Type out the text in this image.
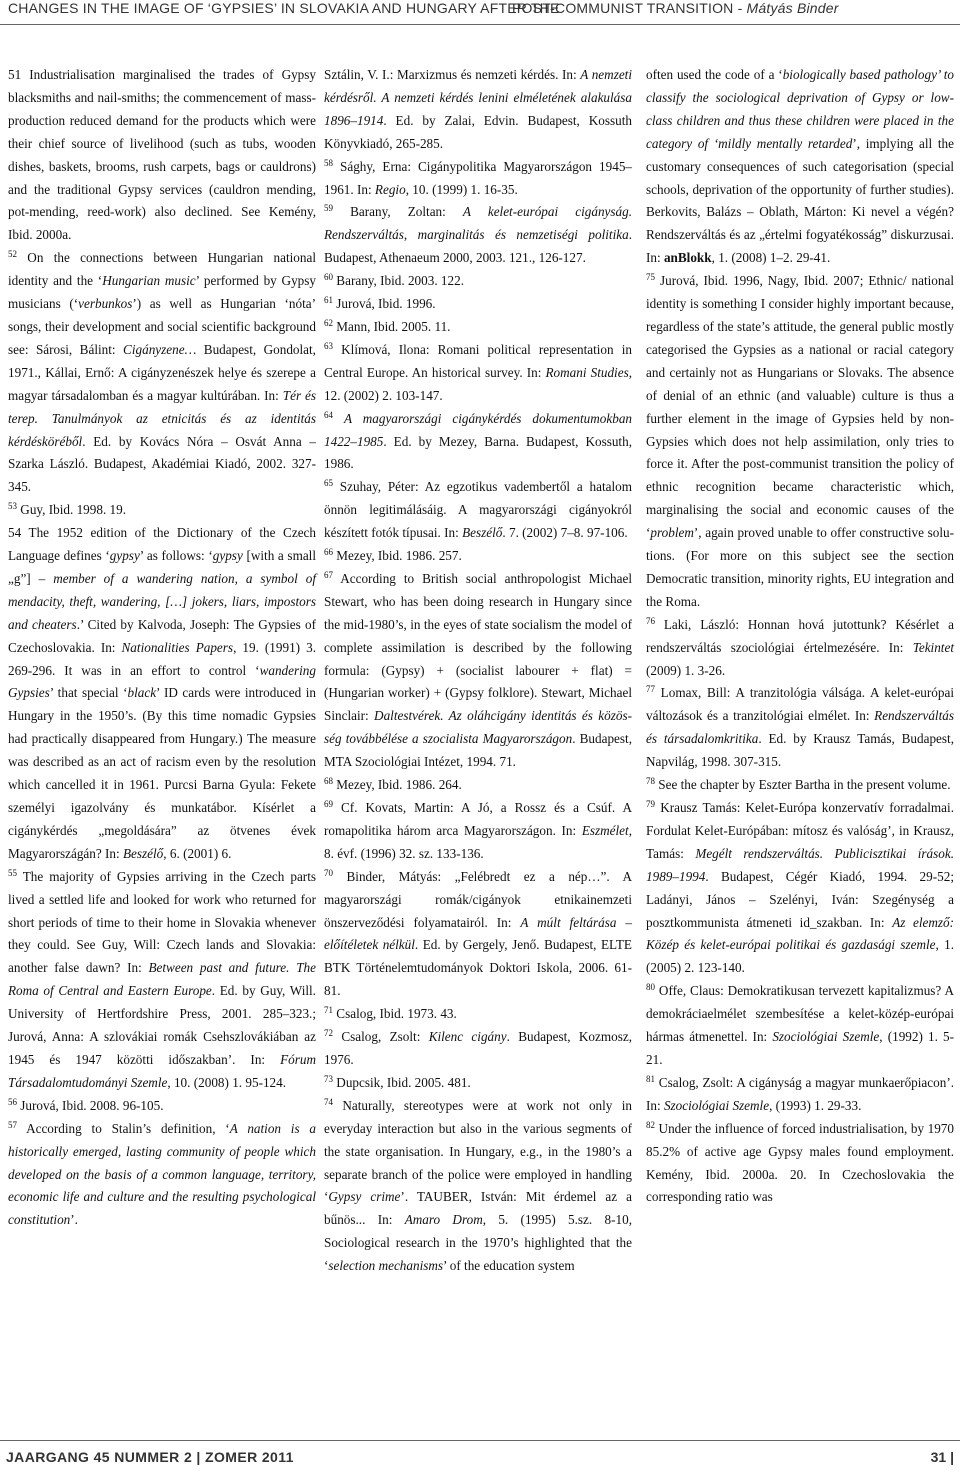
CHANGES IN THE IMAGE OF ‘GYPSIES’ IN SLOVAKIA AND HUNGARY AFTER THE
POST-COMMUNIST TRANSITION - Mátyás Binder

51 Industrialisation marginalised the trades of Gypsy blacksmiths and nail-smiths; the commencement of mass-production reduced demand for the products which were their chief source of livelihood (such as tubs, wooden dishes, baskets, brooms, rush carpets, bags or cauldrons) and the traditional Gypsy services (cauldron mending, pot-mending, reed-work) also declined. See Kemény, Ibid. 2000a.

$^{52}$ On the connections between Hungarian national identity and the ‘Hungarian music’ performed by Gypsy musicians (‘verbunkos’) as well as Hungarian ‘nóta’ songs, their development and social scientific background see: Sárosi, Bálint: Cigányzene… Budapest, Gondolat, 1971., Kállai, Ernő: A cigányzenészek helye és szerepe a magyar társadalomban és a magyar kultúrában. In: Tér és terep. Tanulmányok az etnicitás és az identitás kérdésköréből. Ed. by Kovács Nóra – Osvát Anna – Szarka László. Budapest, Akadémiai Kiadó, 2002. 327-345.

$^{53}$ Guy, Ibid. 1998. 19.

54 The 1952 edition of the Dictionary of the Czech Language defines ‘gypsy’ as follows: ‘gypsy [with a small „g”] – member of a wandering nation, a symbol of mendacity, theft, wandering, […] jokers, liars, impostors and cheaters.’ Cited by Kalvoda, Joseph: The Gypsies of Czechoslovakia. In: Nationalities Papers, 19. (1991) 3. 269-296. It was in an effort to control ‘wandering Gypsies’ that special ‘black’ ID cards were introduced in Hungary in the 1950’s. (By this time nomadic Gypsies had practically disappeared from Hungary.) The measure was described as an act of racism even by the resolution which cancelled it in 1961. Purcsi Barna Gyula: Fekete személyi igazolvány és munkatábor. Kísérlet a cigánykérdés „megoldására” az ötvenes évek Magyarországán? In: Beszélő, 6. (2001) 6.

$^{55}$ The majority of Gypsies arriving in the Czech parts lived a settled life and looked for work who returned for short periods of time to their home in Slovakia whenever they could. See Guy, Will: Czech lands and Slovakia: another false dawn? In: Between past and future. The Roma of Central and Eastern Europe. Ed. by Guy, Will. University of Hertfordshire Press, 2001. 285–323.; Jurová, Anna: A szlovákiai romák Csehszlovákiában az 1945 és 1947 közötti időszakban’. In: Fórum Társadalomtudományi Szemle, 10. (2008) 1. 95-124.

$^{56}$ Jurová, Ibid. 2008. 96-105.

$^{57}$ According to Stalin’s definition, ‘A nation is a historically emerged, lasting community of people which developed on the basis of a common language, territory, economic life and culture and the resulting psychological constitution’.

Sztálin, V. I.: Marxizmus és nemzeti kérdés. In: A nemzeti kérdésről. A nemzeti kérdés lenini elméletének alakulása 1896–1914. Ed. by Zalai, Edvin. Budapest, Kossuth Könyvkiadó, 265-285.

$^{58}$ Sághy, Erna: Cigánypolitika Magyarországon 1945–1961. In: Regio, 10. (1999) 1. 16-35.

$^{59}$ Barany, Zoltan: A kelet-európai cigányság. Rendszerváltás, marginalitás és nemzetiségi politika. Budapest, Athenaeum 2000, 2003. 121., 126-127.

$^{60}$ Barany, Ibid. 2003. 122.

$^{61}$ Jurová, Ibid. 1996.

$^{62}$ Mann, Ibid. 2005. 11.

$^{63}$ Klímová, Ilona: Romani political representation in Central Europe. An historical survey. In: Romani Studies, 12. (2002) 2. 103-147.

$^{64}$ A magyarországi cigánykérdés dokumentumokban 1422–1985. Ed. by Mezey, Barna. Budapest, Kossuth, 1986.

$^{65}$ Szuhay, Péter: Az egzotikus vadembertől a hatalom önnön legitimálásáig. A magyarországi cigányokról készített fotók típusai. In: Beszélő. 7. (2002) 7–8. 97-106.

$^{66}$ Mezey, Ibid. 1986. 257.

$^{67}$ According to British social anthropologist Michael Stewart, who has been doing research in Hungary since the mid-1980’s, in the eyes of state socialism the model of complete assimilation is described by the following formula: (Gypsy) + (socialist labourer + flat) = (Hungarian worker) + (Gypsy folklore). Stewart, Michael Sinclair: Daltestvérek. Az oláhcigány identitás és közösség továbbélése a szocialista Magyarországon. Budapest, MTA Szociológiai Intézet, 1994. 71.

$^{68}$ Mezey, Ibid. 1986. 264.

$^{69}$ Cf. Kovats, Martin: A Jó, a Rossz és a Csúf. A romapolitika három arca Magyarországon. In: Eszmélet, 8. évf. (1996) 32. sz. 133-136.

$^{70}$ Binder, Mátyás: „Felébredt ez a nép…”. A magyarországi romák/cigányok etnikainemzeti önszerveződési folyamatairól. In: A múlt feltárása – előítéletek nélkül. Ed. by Gergely, Jenő. Budapest, ELTE BTK Történelemtudományok Doktori Iskola, 2006. 61-81.

$^{71}$ Csalog, Ibid. 1973. 43.

$^{72}$ Csalog, Zsolt: Kilenc cigány. Budapest, Kozmosz, 1976.

$^{73}$ Dupcsik, Ibid. 2005. 481.

$^{74}$ Naturally, stereotypes were at work not only in everyday interaction but also in the various segments of the state organisation. In Hungary, e.g., in the 1980’s a separate branch of the police were employed in handling ‘Gypsy crime’. TAUBER, István: Mit érdemel az a bűnös... In: Amaro Drom, 5. (1995) 5.sz. 8-10, Sociological research in the 1970’s highlighted that the ‘selection mechanisms’ of the education system

often used the code of a ‘biologically based pathology’ to classify the sociological deprivation of Gypsy or low-class children and thus these children were placed in the category of ‘mildly mentally retarded’, implying all the customary consequences of such categorisation (special schools, deprivation of the opportunity of further studies). Berkovits, Balázs – Oblath, Márton: Ki nevel a végén? Rendszerváltás és az „értelmi fogyatékosság” diskurzusai. In: anBlokk, 1. (2008) 1–2. 29-41.

$^{75}$ Jurová, Ibid. 1996, Nagy, Ibid. 2007; Ethnic/ national identity is something I consider highly important because, regardless of the state’s attitude, the general public mostly categorised the Gypsies as a national or racial category and certainly not as Hungarians or Slovaks. The absence of denial of an ethnic (and valuable) culture is thus a further element in the image of Gypsies held by non-Gypsies which does not help assimilation, only tries to force it. After the post-communist transition the policy of ethnic recognition became characteristic which, marginalising the social and economic causes of the ‘problem’, again proved unable to offer constructive solutions. (For more on this subject see the section Democratic transition, minority rights, EU integration and the Roma.

$^{76}$ Laki, László: Honnan hová jutottunk? Késérlet a rendszerváltás szociológiai értelmezésére. In: Tekintet (2009) 1. 3-26.

$^{77}$ Lomax, Bill: A tranzitológia válsága. A kelet-európai változások és a tranzitológiai elmélet. In: Rendszerváltás és társadalomkritika. Ed. by Krausz Tamás, Budapest, Napvilág, 1998. 307-315.

$^{78}$ See the chapter by Eszter Bartha in the present volume.

$^{79}$ Krausz Tamás: Kelet-Európa konzervatív forradalmai. Fordulat Kelet-Európában: mítosz és valóság’, in Krausz, Tamás: Megélt rendszerváltás. Publicisztikai írások. 1989–1994. Budapest, Cégér Kiadó, 1994. 29-52; Ladányi, János – Szelényi, Iván: Szegénység a posztkommunista átmeneti id_szakban. In: Az elemző: Közép és kelet-európai politikai és gazdasági szemle, 1. (2005) 2. 123-140.

$^{80}$ Offe, Claus: Demokratikusan tervezett kapitalizmus? A demokráciaelmélet szembesítése a kelet-közép-európai hármas átmenettel. In: Szociológiai Szemle, (1992) 1. 5-21.

$^{81}$ Csalog, Zsolt: A cigányság a magyar munkaerőpiacon’. In: Szociológiai Szemle, (1993) 1. 29-33.

$^{82}$ Under the influence of forced industrialisation, by 1970 85.2% of active age Gypsy males found employment. Kemény, Ibid. 2000a. 20. In Czechoslovakia the corresponding ratio was

JAARGANG 45 NUMMER 2 | ZOMER 2011	31 |
